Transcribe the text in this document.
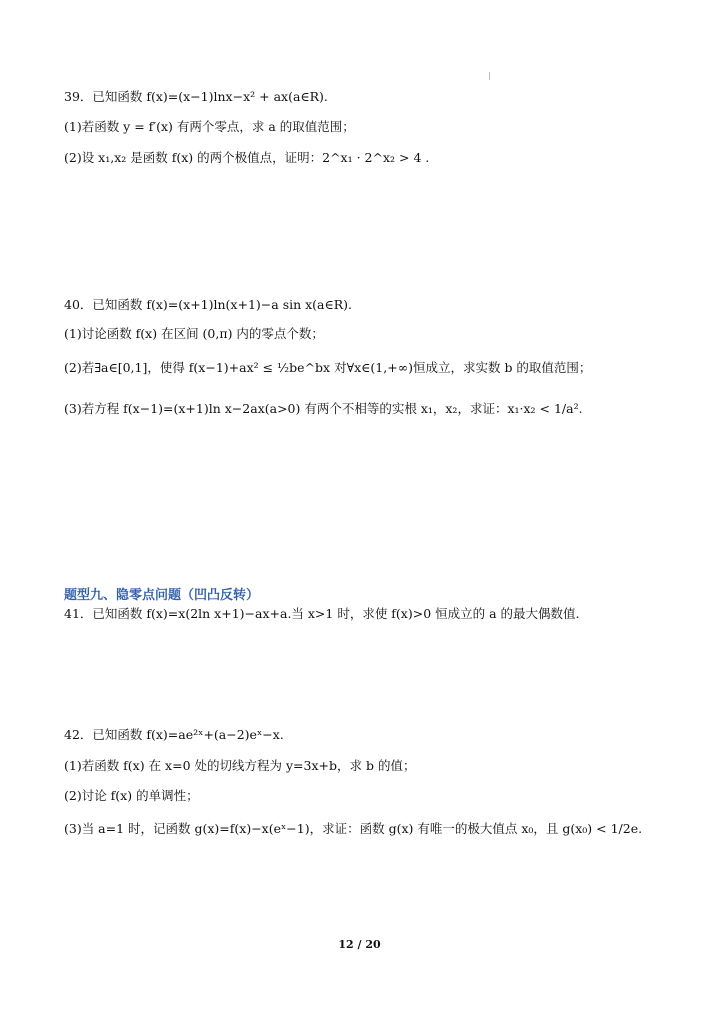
39．已知函数 f(x)=(x−1)lnx−x² + ax(a∈R).
(1)若函数 y = f′(x) 有两个零点，求 a 的取值范围；
(2)设 x₁,x₂ 是函数 f(x) 的两个极值点，证明：2^x₁ · 2^x₂ > 4 .
40．已知函数 f(x)=(x+1)ln(x+1)−a sin x(a∈R).
(1)讨论函数 f(x) 在区间 (0,π) 内的零点个数；
(2)若∃a∈[0,1]，使得 f(x−1)+ax² ≤ ½be^bx 对∀x∈(1,+∞)恒成立，求实数 b 的取值范围；
(3)若方程 f(x−1)=(x+1)ln x−2ax(a>0) 有两个不相等的实根 x₁，x₂，求证：x₁·x₂ < 1/a².
题型九、隐零点问题（凹凸反转）
41．已知函数 f(x)=x(2ln x+1)−ax+a.当 x>1 时，求使 f(x)>0 恒成立的 a 的最大偶数值.
42．已知函数 f(x)=ae²ˣ+(a−2)eˣ−x.
(1)若函数 f(x) 在 x=0 处的切线方程为 y=3x+b，求 b 的值；
(2)讨论 f(x) 的单调性；
(3)当 a=1 时，记函数 g(x)=f(x)−x(eˣ−1)，求证：函数 g(x) 有唯一的极大值点 x₀，且 g(x₀) < 1/2e.
12 / 20
